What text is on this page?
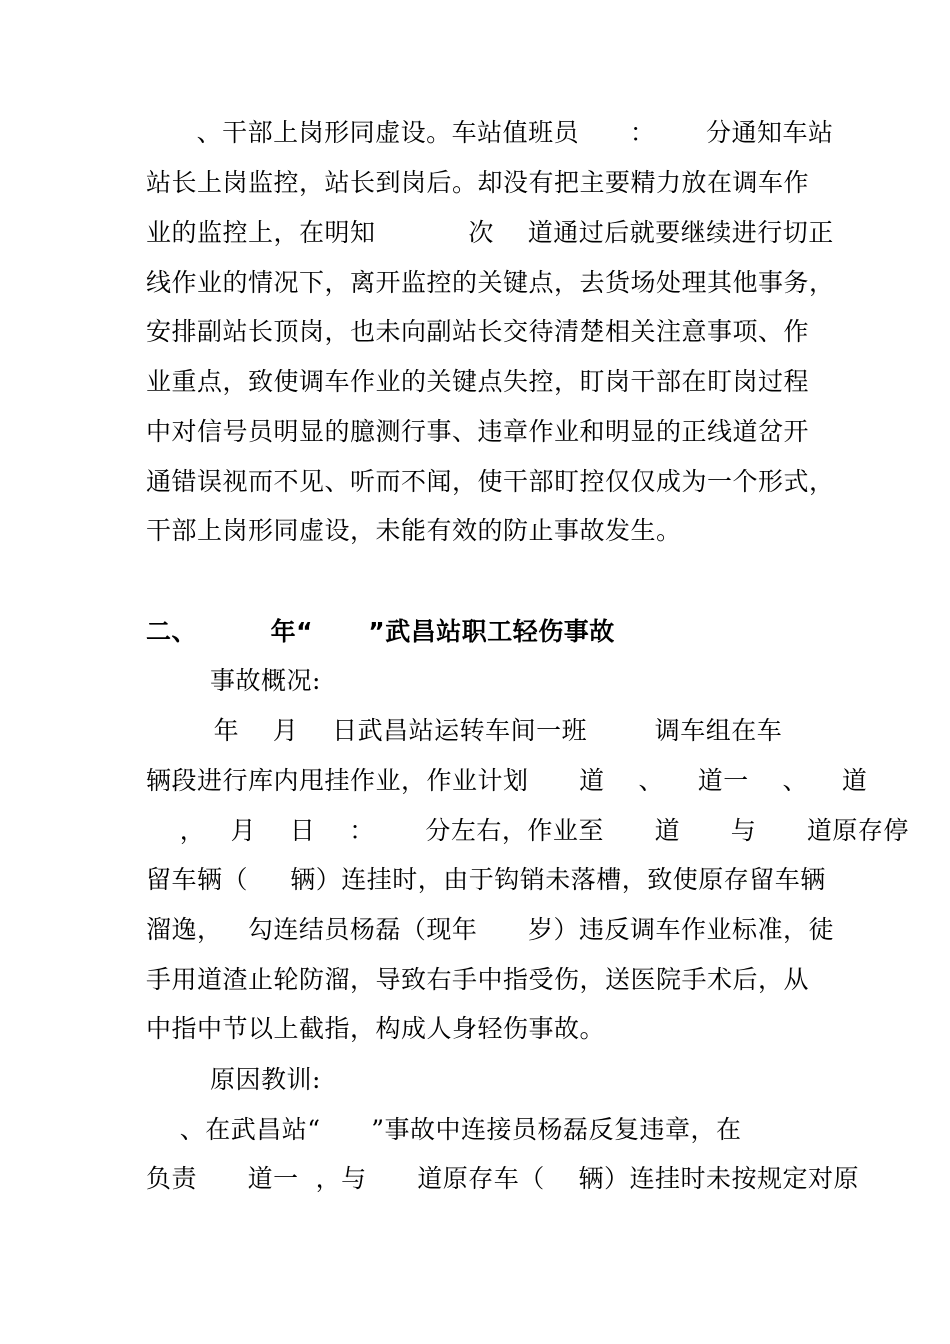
、干部上岗形同虚设。车站值班员      ：      分通知车站
站长上岗监控，站长到岗后。却没有把主要精力放在调车作
业的监控上，在明知           次    道通过后就要继续进行切正
线作业的情况下，离开监控的关键点，去货场处理其他事务，
安排副站长顶岗，也未向副站长交待清楚相关注意事项、作
业重点，致使调车作业的关键点失控，盯岗干部在盯岗过程
中对信号员明显的臆测行事、违章作业和明显的正线道岔开
通错误视而不见、听而不闻，使干部盯控仅仅成为一个形式，
干部上岗形同虚设，未能有效的防止事故发生。
二、        年“      ”武昌站职工轻伤事故
事故概况:
年    月    日武昌站运转车间一班        调车组在车
辆段进行库内甩挂作业，作业计划      道    、    道一    、    道
，   月    日    ：      分左右，作业至      道      与      道原存停
留车辆（     辆）连挂时，由于钩销未落槽，致使原存留车辆
溜逸，   勾连结员杨磊（现年      岁）违反调车作业标准，徒
手用道渣止轮防溜，导致右手中指受伤，送医院手术后，从
中指中节以上截指，构成人身轻伤事故。
原因教训:
、在武昌站“      ”事故中连接员杨磊反复违章，在
负责      道一  ，与      道原存车（    辆）连挂时未按规定对原
